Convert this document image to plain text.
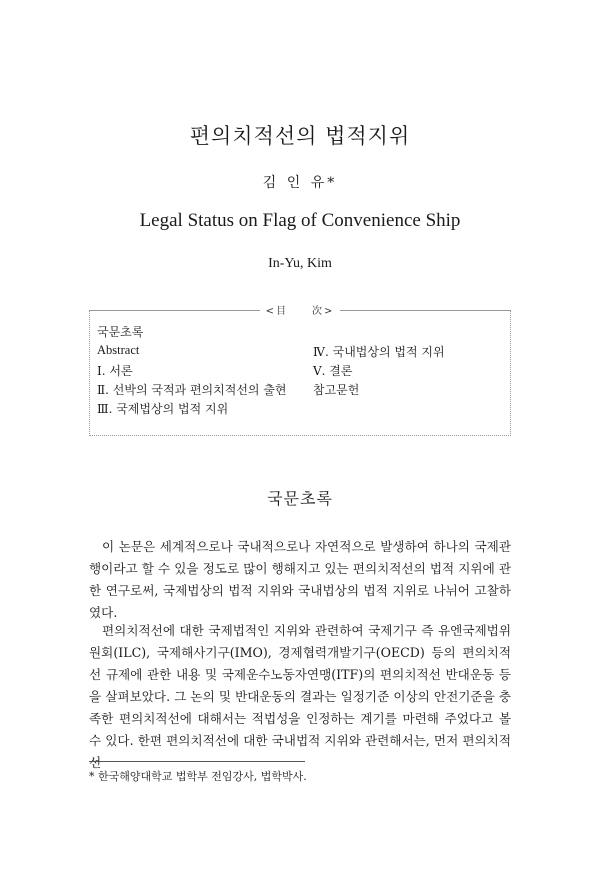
편의치적선의 법적지위
김 인 유*
Legal Status on Flag of Convenience Ship
In-Yu, Kim
<目　　次>
국문초록
Abstract
Ⅰ. 서론
Ⅱ. 선박의 국적과 편의치적선의 출현
Ⅲ. 국제법상의 법적 지위
Ⅳ. 국내법상의 법적 지위
Ⅴ. 결론
참고문헌
국문초록

이 논문은 세계적으로나 국내적으로나 자연적으로 발생하여 하나의 국제관행이라고 할 수 있을 정도로 많이 행해지고 있는 편의치적선의 법적 지위에 관한 연구로써, 국제법상의 법적 지위와 국내법상의 법적 지위로 나뉘어 고찰하였다.

편의치적선에 대한 국제법적인 지위와 관련하여 국제기구 즉 유엔국제법위원회(ILC), 국제해사기구(IMO), 경제협력개발기구(OECD) 등의 편의치적선 규제에 관한 내용 및 국제운수노동자연맹(ITF)의 편의치적선 반대운동 등을 살펴보았다. 그 논의 및 반대운동의 결과는 일정기준 이상의 안전기준을 충족한 편의치적선에 대해서는 적법성을 인정하는 계기를 마련해 주었다고 볼 수 있다. 한편 편의치적선에 대한 국내법적 지위와 관련해서는, 먼저 편의치적선

* 한국해양대학교 법학부 전임강사, 법학박사.
